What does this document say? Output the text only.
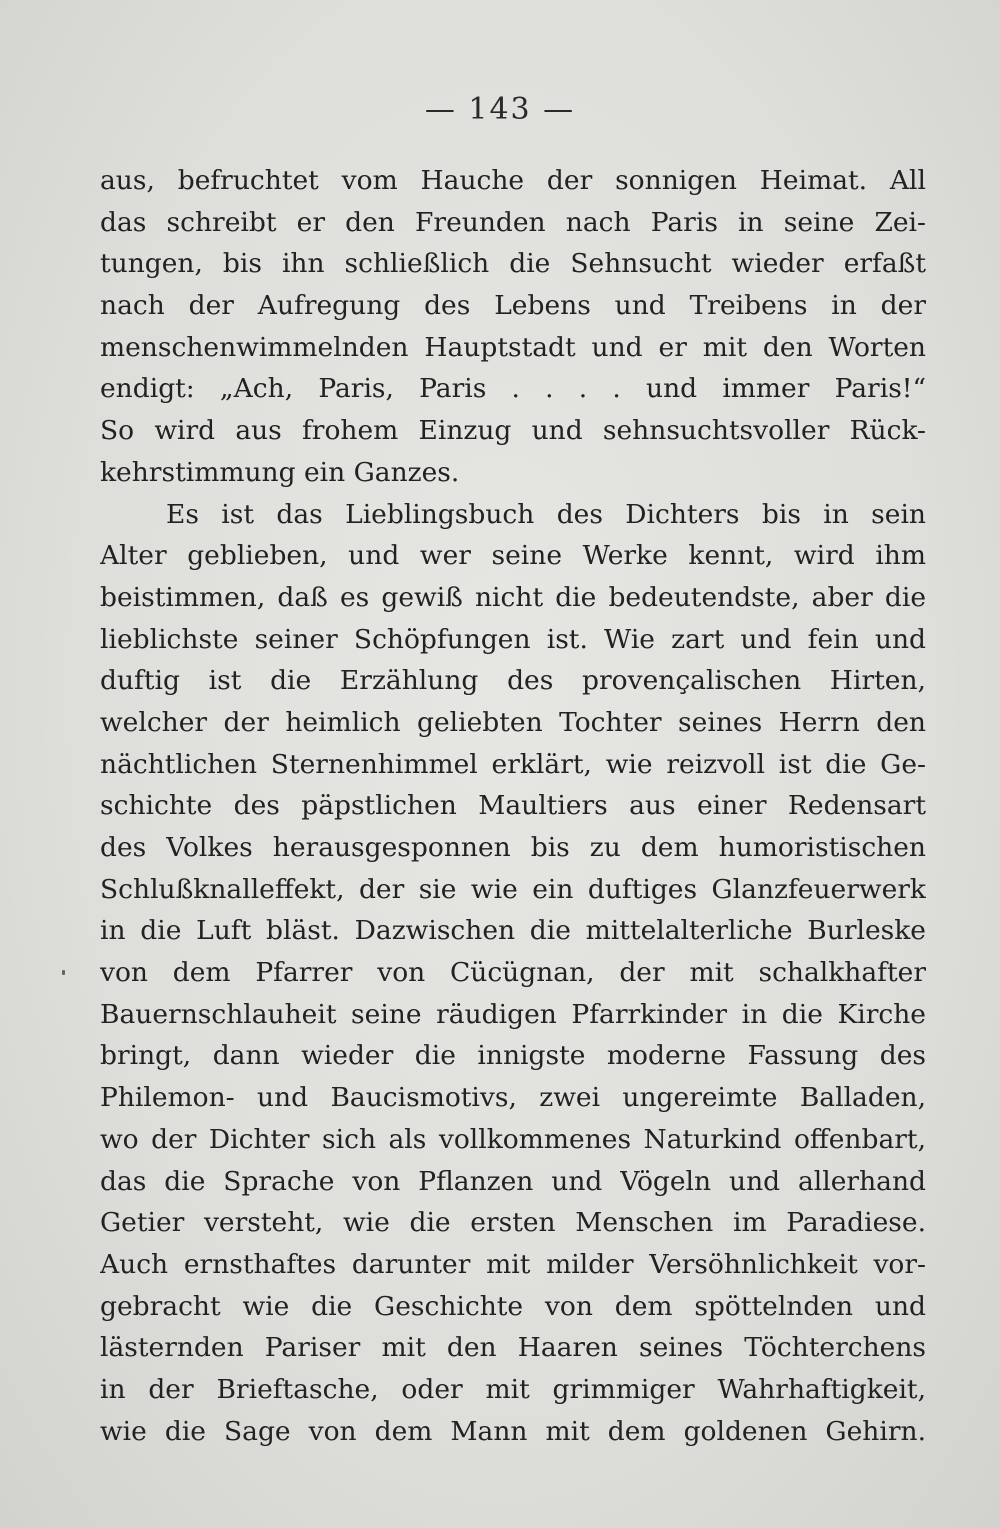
— 143 —
aus, befruchtet vom Hauche der sonnigen Heimat. All
das schreibt er den Freunden nach Paris in seine Zei-
tungen, bis ihn schließlich die Sehnsucht wieder erfaßt
nach der Aufregung des Lebens und Treibens in der
menschenwimmelnden Hauptstadt und er mit den Worten
endigt: „Ach, Paris, Paris . . . . und immer Paris!“
So wird aus frohem Einzug und sehnsuchtsvoller Rück-
kehrstimmung ein Ganzes.
Es ist das Lieblingsbuch des Dichters bis in sein
Alter geblieben, und wer seine Werke kennt, wird ihm
beistimmen, daß es gewiß nicht die bedeutendste, aber die
lieblichste seiner Schöpfungen ist. Wie zart und fein und
duftig ist die Erzählung des provençalischen Hirten,
welcher der heimlich geliebten Tochter seines Herrn den
nächtlichen Sternenhimmel erklärt, wie reizvoll ist die Ge-
schichte des päpstlichen Maultiers aus einer Redensart
des Volkes herausgesponnen bis zu dem humoristischen
Schlußknalleffekt, der sie wie ein duftiges Glanzfeuerwerk
in die Luft bläst. Dazwischen die mittelalterliche Burleske
von dem Pfarrer von Cücügnan, der mit schalkhafter
Bauernschlauheit seine räudigen Pfarrkinder in die Kirche
bringt, dann wieder die innigste moderne Fassung des
Philemon- und Baucismotivs, zwei ungereimte Balladen,
wo der Dichter sich als vollkommenes Naturkind offenbart,
das die Sprache von Pflanzen und Vögeln und allerhand
Getier versteht, wie die ersten Menschen im Paradiese.
Auch ernsthaftes darunter mit milder Versöhnlichkeit vor-
gebracht wie die Geschichte von dem spöttelnden und
lästernden Pariser mit den Haaren seines Töchterchens
in der Brieftasche, oder mit grimmiger Wahrhaftigkeit,
wie die Sage von dem Mann mit dem goldenen Gehirn.
